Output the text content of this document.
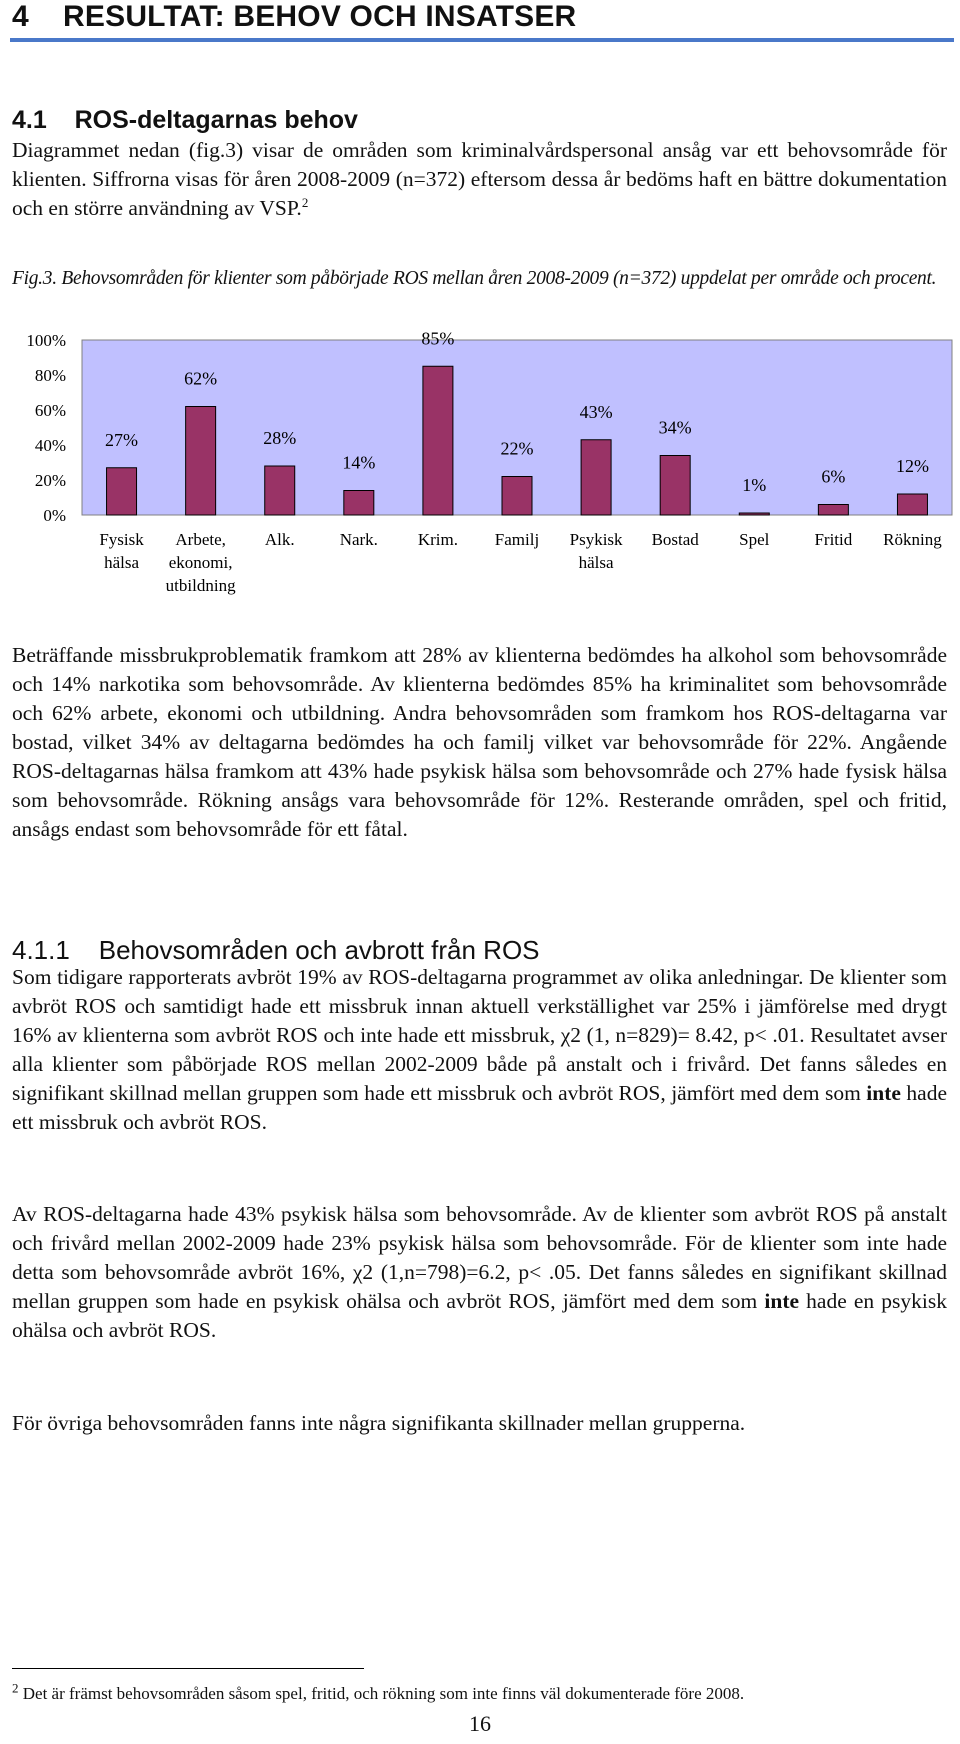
4 RESULTAT: BEHOV OCH INSATSER
4.1 ROS-deltagarnas behov
Diagrammet nedan (fig.3) visar de områden som kriminalvårdspersonal ansåg var ett behovsområde för klienten. Siffrorna visas för åren 2008-2009 (n=372) eftersom dessa år bedöms haft en bättre dokumentation och en större användning av VSP.$^2$
Fig.3. Behovsområden för klienter som påbörjade ROS mellan åren 2008-2009 (n=372) uppdelat per område och procent.
0%
20%
40%
60%
80%
100%
27%
Fysisk
hälsa
62%
Arbete,
ekonomi,
utbildning
28%
Alk.
14%
Nark.
85%
Krim.
22%
Familj
43%
Psykisk
hälsa
34%
Bostad
1%
Spel
6%
Fritid
12%
Rökning
Beträffande missbrukproblematik framkom att 28% av klienterna bedömdes ha alkohol som behovsområde och 14% narkotika som behovsområde. Av klienterna bedömdes 85% ha kriminalitet som behovsområde och 62% arbete, ekonomi och utbildning. Andra behovsområden som framkom hos ROS-deltagarna var bostad, vilket 34% av deltagarna bedömdes ha och familj vilket var behovsområde för 22%. Angående ROS-deltagarnas hälsa framkom att 43% hade psykisk hälsa som behovsområde och 27% hade fysisk hälsa som behovsområde. Rökning ansågs vara behovsområde för 12%. Resterande områden, spel och fritid, ansågs endast som behovsområde för ett fåtal.
4.1.1 Behovsområden och avbrott från ROS
Som tidigare rapporterats avbröt 19% av ROS-deltagarna programmet av olika anledningar. De klienter som avbröt ROS och samtidigt hade ett missbruk innan aktuell verkställighet var 25% i jämförelse med drygt 16% av klienterna som avbröt ROS och inte hade ett missbruk, χ2 (1, n=829)= 8.42, p< .01. Resultatet avser alla klienter som påbörjade ROS mellan 2002-2009 både på anstalt och i frivård. Det fanns således en signifikant skillnad mellan gruppen som hade ett missbruk och avbröt ROS, jämfört med dem som inte hade ett missbruk och avbröt ROS.
Av ROS-deltagarna hade 43% psykisk hälsa som behovsområde. Av de klienter som avbröt ROS på anstalt och frivård mellan 2002-2009 hade 23% psykisk hälsa som behovsområde. För de klienter som inte hade detta som behovsområde avbröt 16%, χ2 (1,n=798)=6.2, p< .05. Det fanns således en signifikant skillnad mellan gruppen som hade en psykisk ohälsa och avbröt ROS, jämfört med dem som inte hade en psykisk ohälsa och avbröt ROS.
För övriga behovsområden fanns inte några signifikanta skillnader mellan grupperna.
$^2$ Det är främst behovsområden såsom spel, fritid, och rökning som inte finns väl dokumenterade före 2008.
16
